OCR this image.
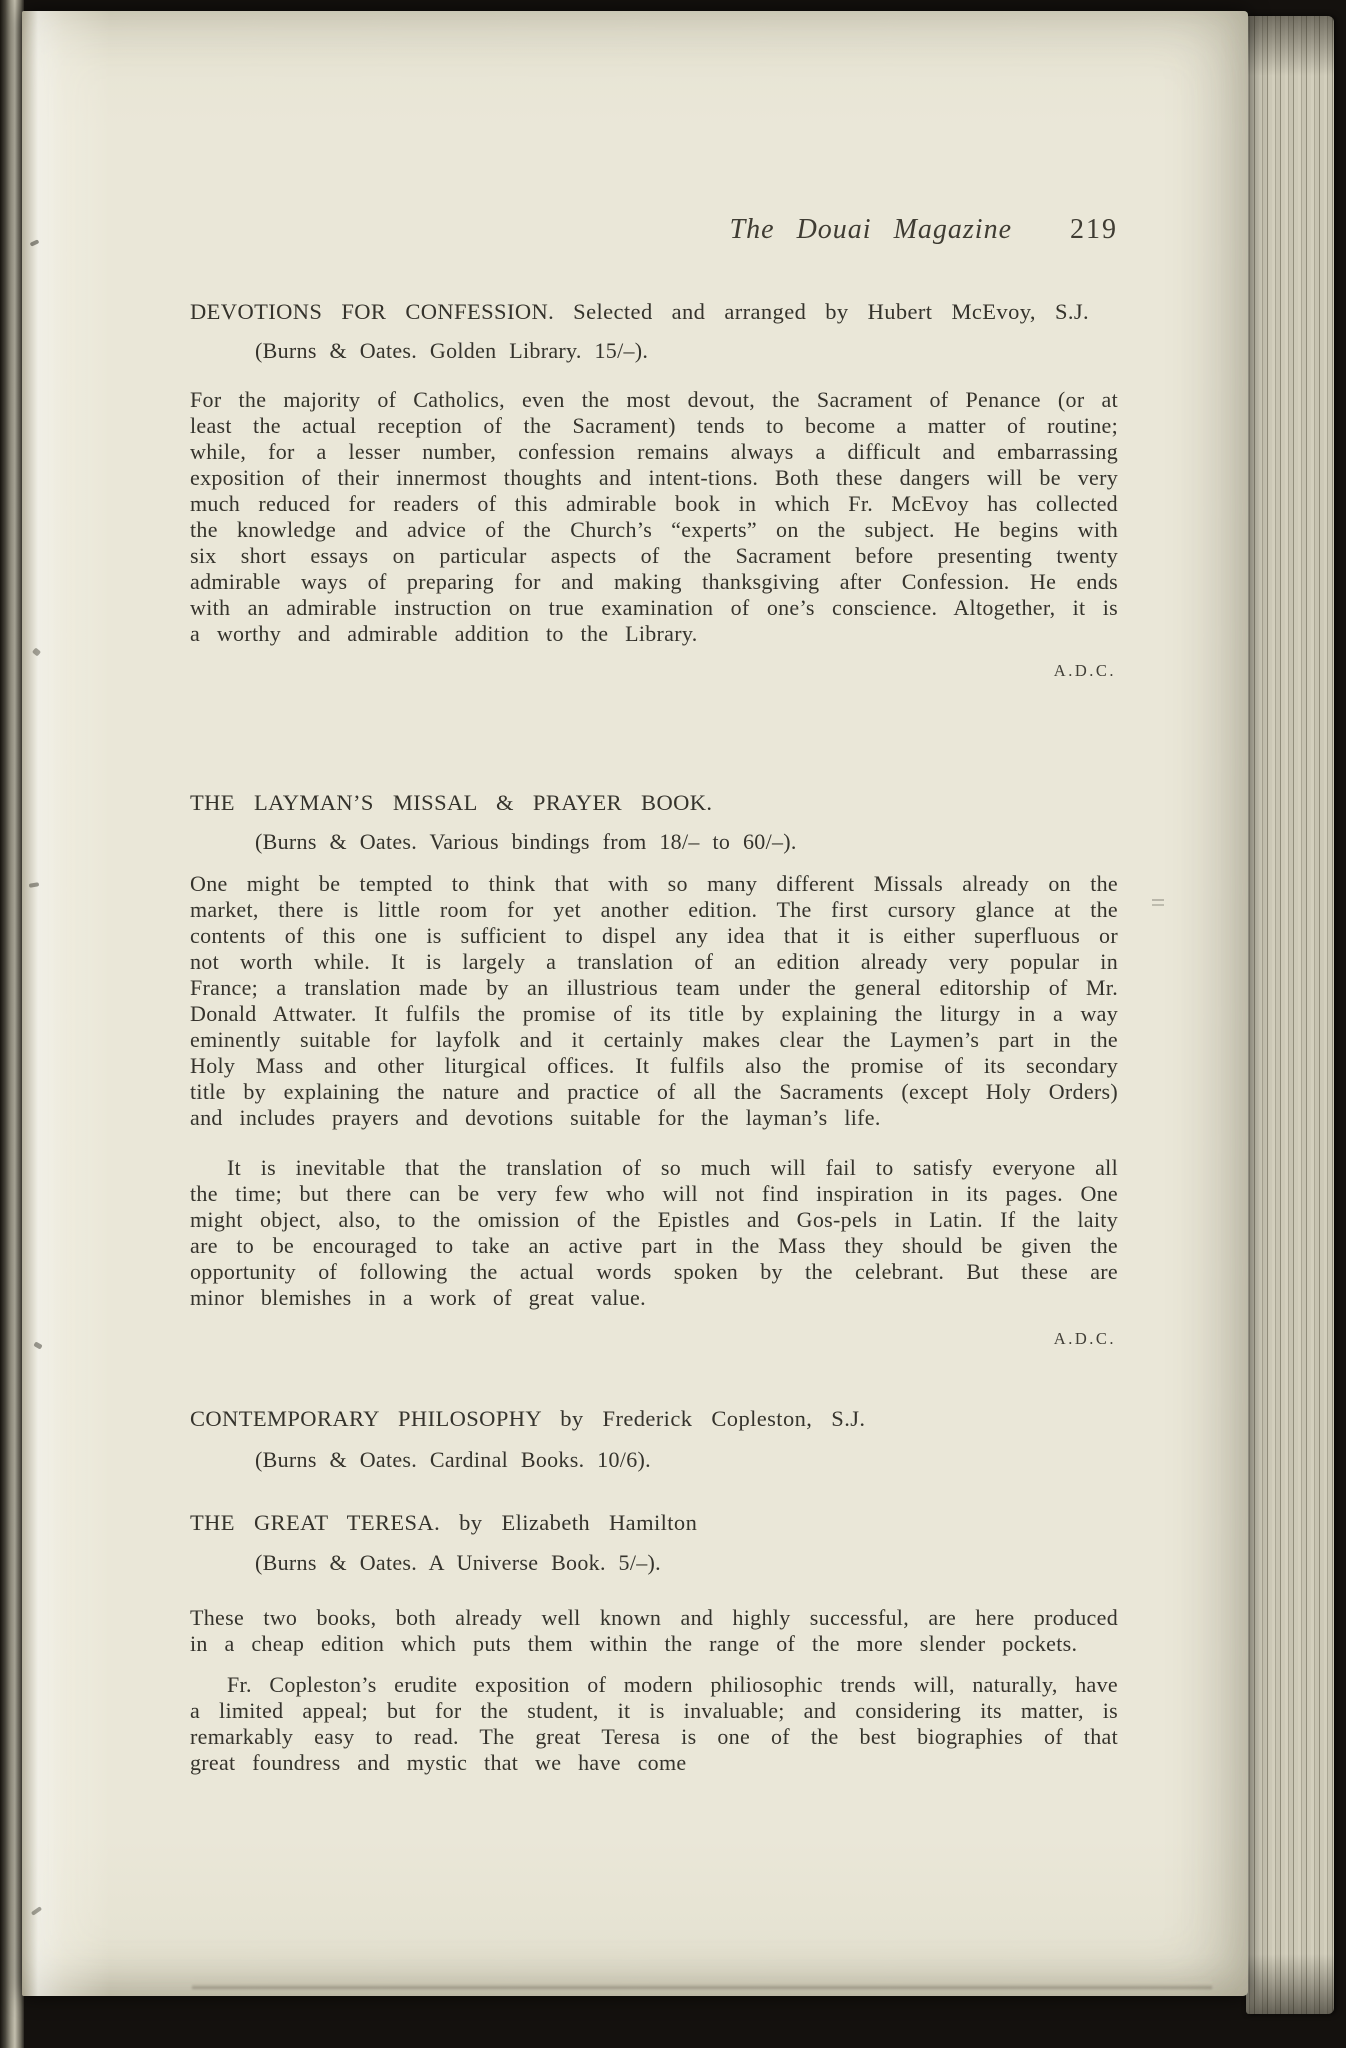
The Douai Magazine 219
DEVOTIONS FOR CONFESSION. Selected and arranged by Hubert McEvoy, S.J.

(Burns & Oates. Golden Library. 15/–).

For the majority of Catholics, even the most devout, the Sacrament of Penance (or at least the actual reception of the Sacrament) tends to become a matter of routine; while, for a lesser number, confession remains always a difficult and embarrassing exposition of their innermost thoughts and intent-tions. Both these dangers will be very much reduced for readers of this admirable book in which Fr. McEvoy has collected the knowledge and advice of the Church’s “experts” on the subject. He begins with six short essays on particular aspects of the Sacrament before presenting twenty admirable ways of preparing for and making thanksgiving after Confession. He ends with an admirable instruction on true examination of one’s conscience. Altogether, it is a worthy and admirable addition to the Library.

A.D.C.
THE LAYMAN’S MISSAL & PRAYER BOOK.

(Burns & Oates. Various bindings from 18/– to 60/–).

One might be tempted to think that with so many different Missals already on the market, there is little room for yet another edition. The first cursory glance at the contents of this one is sufficient to dispel any idea that it is either superfluous or not worth while. It is largely a translation of an edition already very popular in France; a translation made by an illustrious team under the general editorship of Mr. Donald Attwater. It fulfils the promise of its title by explaining the liturgy in a way eminently suitable for layfolk and it certainly makes clear the Laymen’s part in the Holy Mass and other liturgical offices. It fulfils also the promise of its secondary title by explaining the nature and practice of all the Sacraments (except Holy Orders) and includes prayers and devotions suitable for the layman’s life.

It is inevitable that the translation of so much will fail to satisfy everyone all the time; but there can be very few who will not find inspiration in its pages. One might object, also, to the omission of the Epistles and Gos-pels in Latin. If the laity are to be encouraged to take an active part in the Mass they should be given the opportunity of following the actual words spoken by the celebrant. But these are minor blemishes in a work of great value.

A.D.C.
CONTEMPORARY PHILOSOPHY by Frederick Copleston, S.J.

(Burns & Oates. Cardinal Books. 10/6).

THE GREAT TERESA. by Elizabeth Hamilton

(Burns & Oates. A Universe Book. 5/–).

These two books, both already well known and highly successful, are here produced in a cheap edition which puts them within the range of the more slender pockets.

Fr. Copleston’s erudite exposition of modern philiosophic trends will, naturally, have a limited appeal; but for the student, it is invaluable; and considering its matter, is remarkably easy to read. The great Teresa is one of the best biographies of that great foundress and mystic that we have come
